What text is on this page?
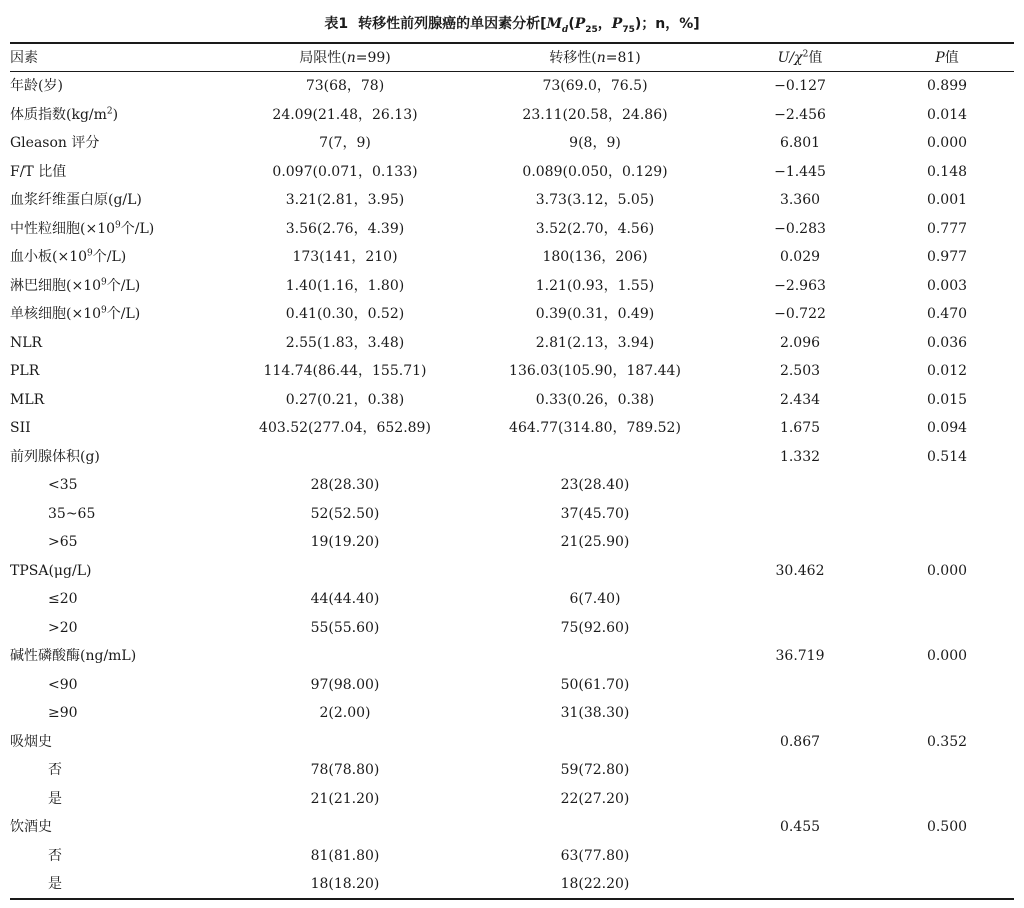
表1 转移性前列腺癌的单因素分析[$M_d(P_{25}$，$P_{75}$)；n，%]
因素	局限性(n=99)	转移性(n=81)	$U/\chi^2$值	P值
年龄(岁)	73(68，78)	73(69.0，76.5)	−0.127	0.899
体质指数$(kg/m^2)$	24.09(21.48，26.13)	23.11(20.58，24.86)	−2.456	0.014
Gleason 评分	7(7，9)	9(8，9)	6.801	0.000
F/T 比值	0.097(0.071，0.133)	0.089(0.050，0.129)	−1.445	0.148
血浆纤维蛋白原(g/L)	3.21(2.81，3.95)	3.73(3.12，5.05)	3.360	0.001
中性粒细胞($\times 10^9$个/L)	3.56(2.76，4.39)	3.52(2.70，4.56)	−0.283	0.777
血小板($\times 10^9$个/L)	173(141，210)	180(136，206)	0.029	0.977
淋巴细胞($\times 10^9$个/L)	1.40(1.16，1.80)	1.21(0.93，1.55)	−2.963	0.003
单核细胞($\times 10^9$个/L)	0.41(0.30，0.52)	0.39(0.31，0.49)	−0.722	0.470
NLR	2.55(1.83，3.48)	2.81(2.13，3.94)	2.096	0.036
PLR	114.74(86.44，155.71)	136.03(105.90，187.44)	2.503	0.012
MLR	0.27(0.21，0.38)	0.33(0.26，0.38)	2.434	0.015
SII	403.52(277.04，652.89)	464.77(314.80，789.52)	1.675	0.094
前列腺体积(g)			1.332	0.514
<35	28(28.30)	23(28.40)		
35~65	52(52.50)	37(45.70)		
>65	19(19.20)	21(25.90)		
TPSA(μg/L)			30.462	0.000
≤20	44(44.40)	6(7.40)		
>20	55(55.60)	75(92.60)		
碱性磷酸酶(ng/mL)			36.719	0.000
<90	97(98.00)	50(61.70)		
≥90	2(2.00)	31(38.30)		
吸烟史			0.867	0.352
否	78(78.80)	59(72.80)		
是	21(21.20)	22(27.20)		
饮酒史			0.455	0.500
否	81(81.80)	63(77.80)		
是	18(18.20)	18(22.20)		
